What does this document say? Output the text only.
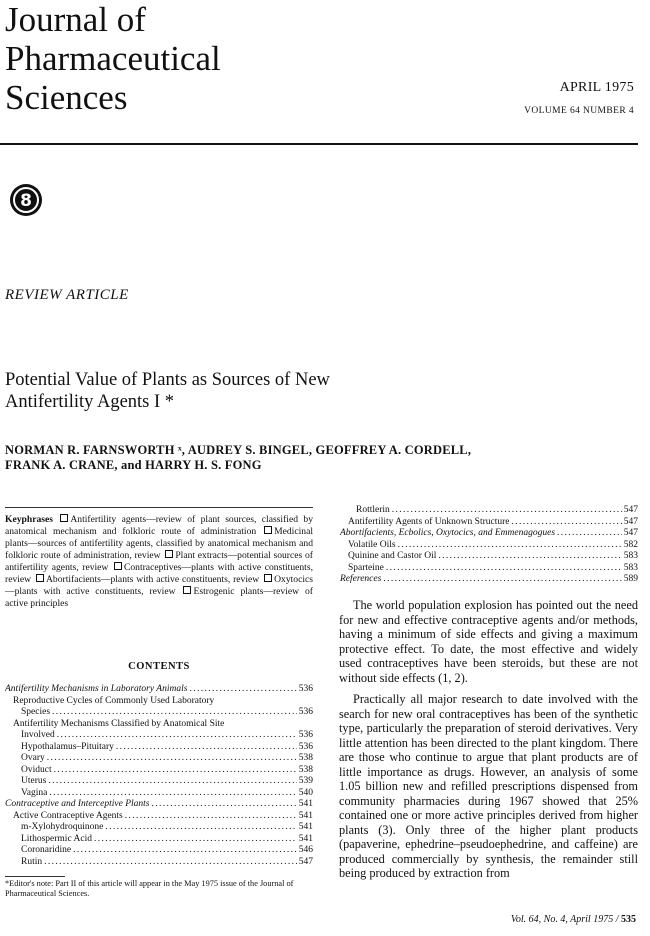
Journal of
Pharmaceutical
Sciences	APRIL 1975
VOLUME 64 NUMBER 4
8
REVIEW ARTICLE
Potential Value of Plants as Sources of New
Antifertility Agents I *
NORMAN R. FARNSWORTH ˣ, AUDREY S. BINGEL, GEOFFREY A. CORDELL,
FRANK A. CRANE, and HARRY H. S. FONG
Keyphrases Antifertility agents—review of plant sources, classified by anatomical mechanism and folkloric route of administration Medicinal plants—sources of antifertility agents, classified by anatomical mechanism and folkloric route of administration, review Plant extracts—potential sources of antifertility agents, review Contraceptives—plants with active constituents, review Abortifacients—plants with active constituents, review Oxytocics—plants with active constituents, review Estrogenic plants—review of active principles
CONTENTS
Antifertility Mechanisms in Laboratory Animals . . .	536
Reproductive Cycles of Commonly Used Laboratory
Species . . .	536
Antifertility Mechanisms Classified by Anatomical Site
Involved . . .	536
Hypothalamus–Pituitary . . .	536
Ovary . . .	538
Oviduct . . .	538
Uterus . . .	539
Vagina . . .	540
Contraceptive and Interceptive Plants . . .	541
Active Contraceptive Agents . . .	541
m-Xylohydroquinone . . .	541
Lithospermic Acid . . .	541
Coronaridine . . .	546
Rutin . . .	547
Rottlerin . . .	547
Antifertility Agents of Unknown Structure . . .	547
Abortifacients, Ecbolics, Oxytocics, and Emmenagogues . . .	547
Volatile Oils . . .	582
Quinine and Castor Oil . . .	583
Sparteine . . .	583
References . . .	589
*Editor's note: Part II of this article will appear in the May 1975 issue of the Journal of Pharmaceutical Sciences.

The world population explosion has pointed out the need for new and effective contraceptive agents and/or methods, having a minimum of side effects and giving a maximum protective effect. To date, the most effective and widely used contraceptives have been steroids, but these are not without side effects (1, 2).

Practically all major research to date involved with the search for new oral contraceptives has been of the synthetic type, particularly the preparation of steroid derivatives. Very little attention has been directed to the plant kingdom. There are those who continue to argue that plant products are of little importance as drugs. However, an analysis of some 1.05 billion new and refilled prescriptions dispensed from community pharmacies during 1967 showed that 25% contained one or more active principles derived from higher plants (3). Only three of the higher plant products (papaverine, ephedrine–pseudoephedrine, and caffeine) are produced commercially by synthesis, the remainder still being produced by extraction from

Vol. 64, No. 4, April 1975 / 535
